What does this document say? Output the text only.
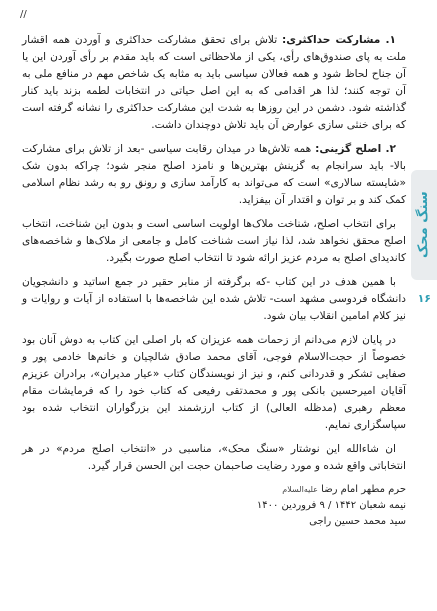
//
سنگ محک
۱۶

۱. مشارکت حداکثری: تلاش برای تحقق مشارکت حداکثری و آوردن همه اقشار ملت به پای صندوق‌های رأی، یکی از ملاحظاتی است که باید مقدم بر رأی آوردن این یا آن جناح لحاظ شود و همه فعالان سیاسی باید به مثابه یک شاخص مهم در منافع ملی به آن توجه کنند؛ لذا هر اقدامی که به این اصل حیاتی در انتخابات لطمه بزند باید کنار گذاشته شود. دشمن در این روزها به شدت این مشارکت حداکثری را نشانه گرفته است که برای خنثی سازی عوارض آن باید تلاش دوچندان داشت.

۲. اصلح گزینی: همه تلاش‌ها در میدان رقابت سیاسی -بعد از تلاش برای مشارکت بالا- باید سرانجام به گزینش بهترین‌ها و نامزد اصلح منجر شود؛ چراکه بدون شک «شایسته سالاری» است که می‌تواند به کارآمد سازی و رونق رو به رشد نظام اسلامی کمک کند و بر توان و اقتدار آن بیفزاید.

برای انتخاب اصلح، شناخت ملاک‌ها اولویت اساسی است و بدون این شناخت، انتخاب اصلح محقق نخواهد شد، لذا نیاز است شناخت کامل و جامعی از ملاک‌ها و شاخصه‌های کاندیدای اصلح به مردم عزیز ارائه شود تا انتخاب اصلح صورت بگیرد.

با همین هدف در این کتاب -که برگرفته از منابر حقیر در جمع اساتید و دانشجویان دانشگاه فردوسی مشهد است- تلاش شده این شاخصه‌ها با استفاده از آیات و روایات و نیز کلام امامین انقلاب بیان شود.

در پایان لازم می‌دانم از زحمات همه عزیزان که بار اصلی این کتاب به دوش آنان بود خصوصاً از حجت‌الاسلام فوجی، آقای محمد صادق شالچیان و خانم‌ها خادمی پور و صفایی تشکر و قدردانی کنم، و نیز از نویسندگان کتاب «عیار مدیران»، برادران عزیزم آقایان امیرحسین بانکی پور و محمدتقی رفیعی که کتاب خود را که فرمایشات مقام معظم رهبری (مدظله العالی) از کتاب ارزشمند این بزرگواران انتخاب شده بود سپاسگزاری نمایم.

ان شاءالله این نوشتار «سنگ محک»، مناسبی در «انتخاب اصلح مردم» در هر انتخاباتی واقع شده و مورد رضایت صاحبمان حجت ابن الحسن قرار گیرد.

حرم مطهر امام رضا علیه‌السلام
نیمه شعبان ۱۴۴۲ / ۹ فروردین ۱۴۰۰
سید محمد حسین راجی
